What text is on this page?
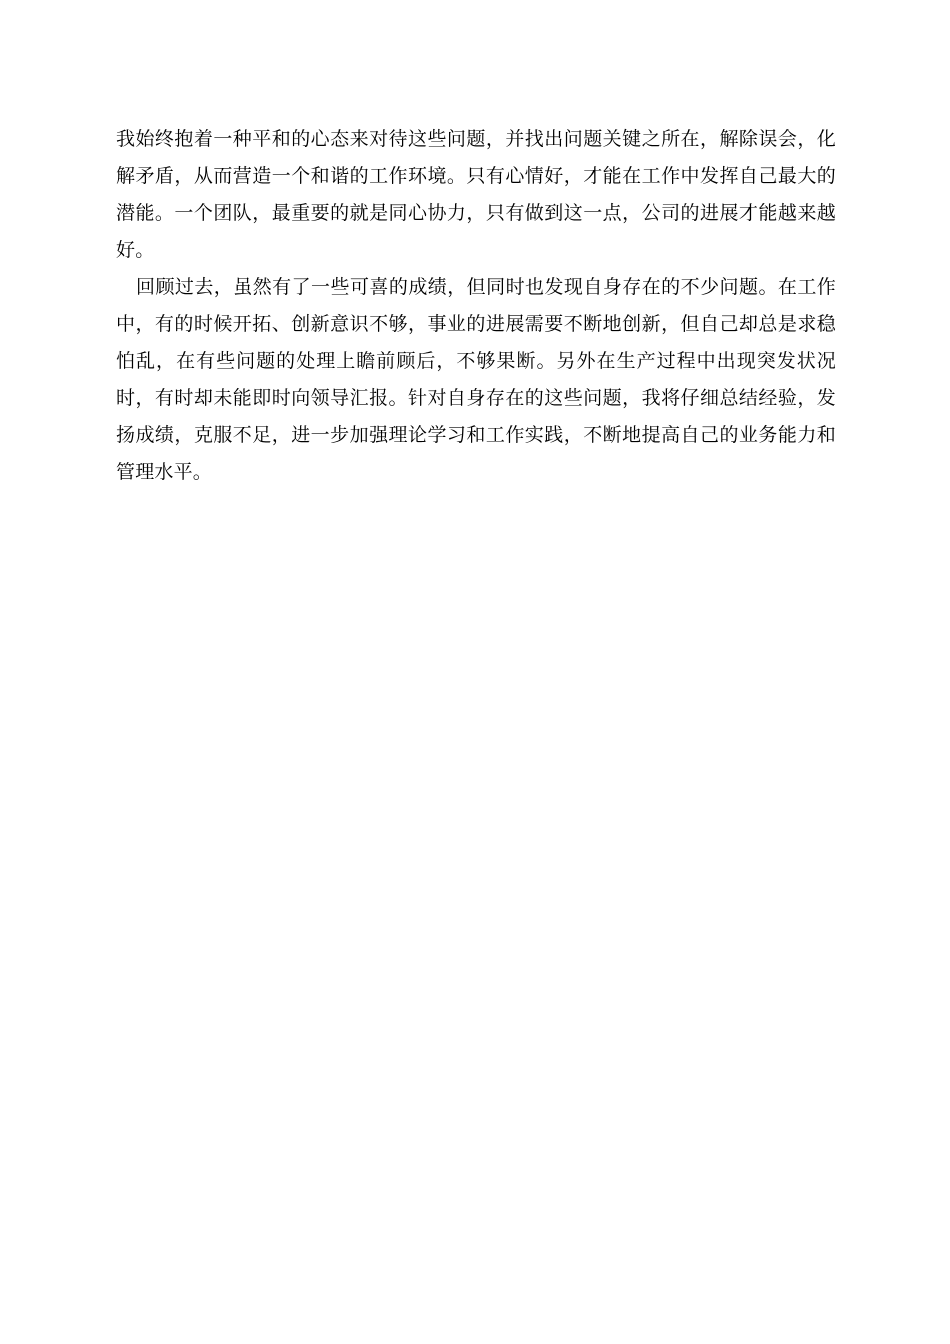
我始终抱着一种平和的心态来对待这些问题，并找出问题关键之所在，解除误会，化解矛盾，从而营造一个和谐的工作环境。只有心情好，才能在工作中发挥自己最大的潜能。一个团队，最重要的就是同心协力，只有做到这一点，公司的进展才能越来越好。

回顾过去，虽然有了一些可喜的成绩，但同时也发现自身存在的不少问题。在工作中，有的时候开拓、创新意识不够，事业的进展需要不断地创新，但自己却总是求稳怕乱，在有些问题的处理上瞻前顾后，不够果断。另外在生产过程中出现突发状况时，有时却未能即时向领导汇报。针对自身存在的这些问题，我将仔细总结经验，发扬成绩，克服不足，进一步加强理论学习和工作实践，不断地提高自己的业务能力和管理水平。
